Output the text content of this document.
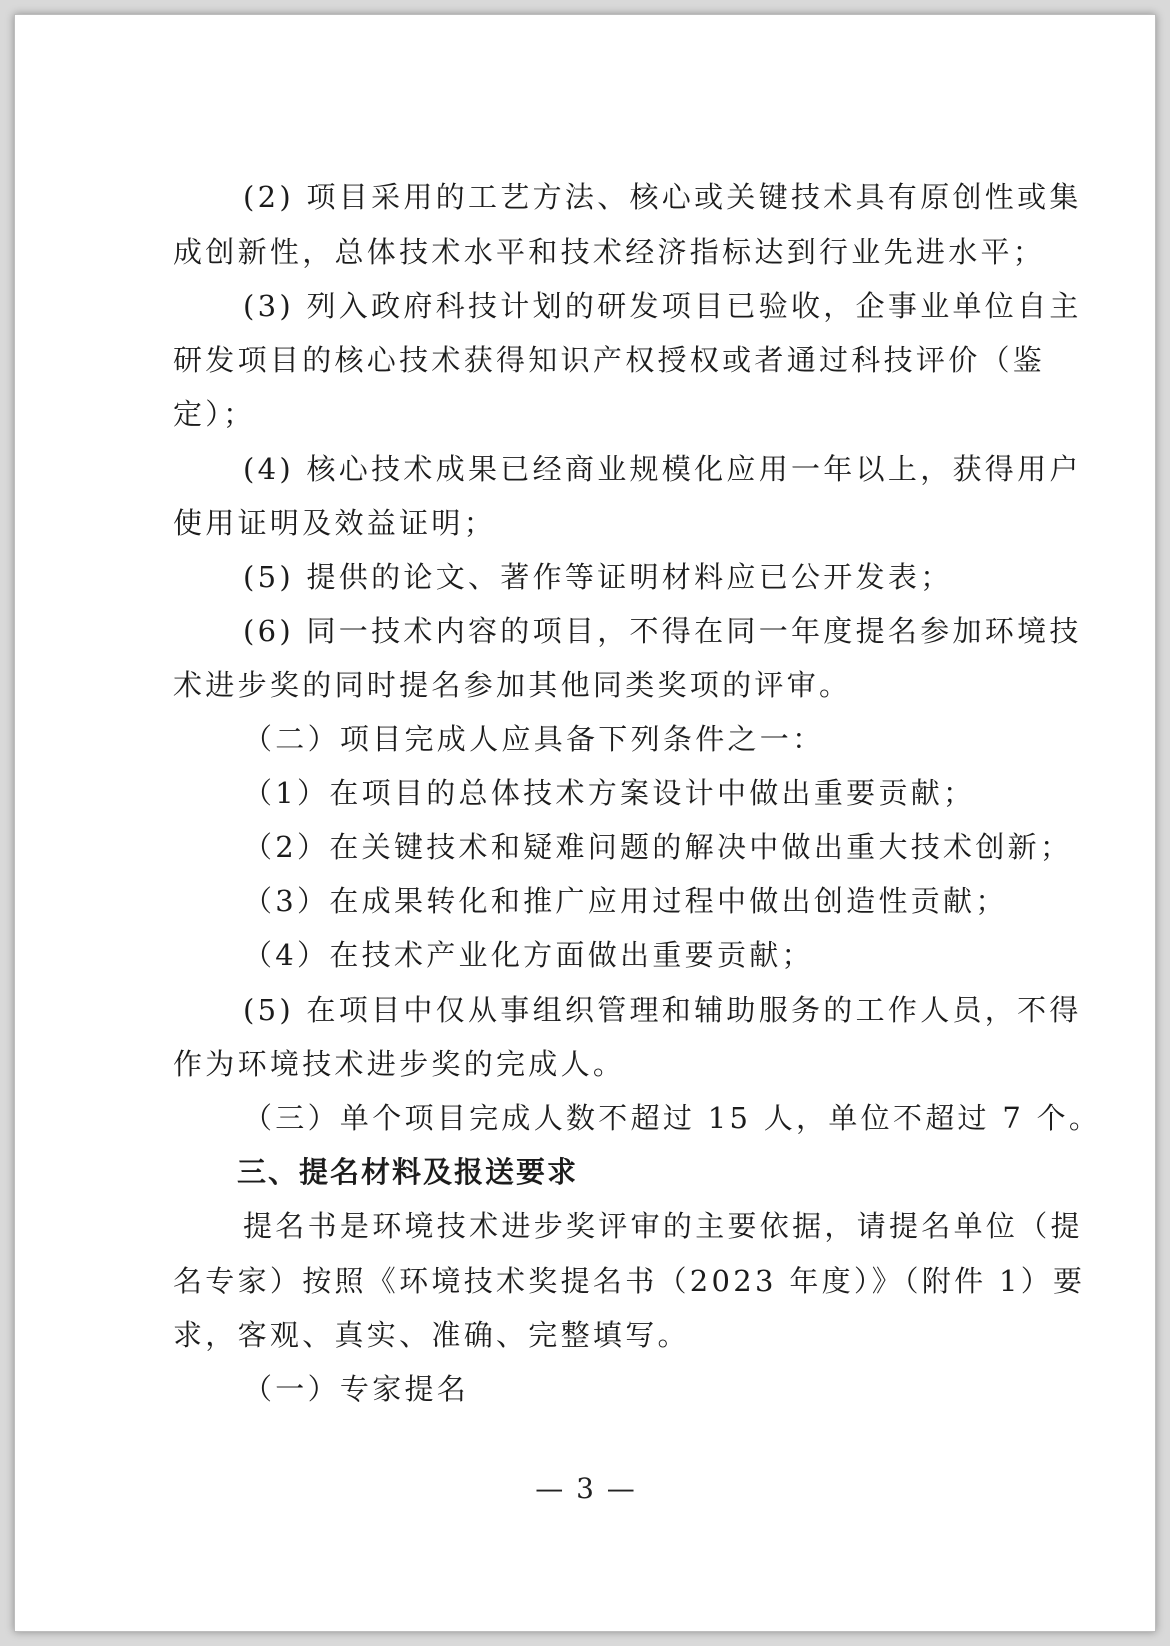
(2) 项目采用的工艺方法、核心或关键技术具有原创性或集
成创新性，总体技术水平和技术经济指标达到行业先进水平；
(3) 列入政府科技计划的研发项目已验收，企事业单位自主
研发项目的核心技术获得知识产权授权或者通过科技评价（鉴
定）；
(4) 核心技术成果已经商业规模化应用一年以上，获得用户
使用证明及效益证明；
(5) 提供的论文、著作等证明材料应已公开发表；
(6) 同一技术内容的项目，不得在同一年度提名参加环境技
术进步奖的同时提名参加其他同类奖项的评审。
（二）项目完成人应具备下列条件之一：
（1）在项目的总体技术方案设计中做出重要贡献；
（2）在关键技术和疑难问题的解决中做出重大技术创新；
（3）在成果转化和推广应用过程中做出创造性贡献；
（4）在技术产业化方面做出重要贡献；
(5) 在项目中仅从事组织管理和辅助服务的工作人员，不得
作为环境技术进步奖的完成人。
（三）单个项目完成人数不超过 15 人，单位不超过 7 个。
三、提名材料及报送要求
提名书是环境技术进步奖评审的主要依据，请提名单位（提
名专家）按照《环境技术奖提名书（2023 年度）》（附件 1）要
求，客观、真实、准确、完整填写。
（一）专家提名
— 3 —
